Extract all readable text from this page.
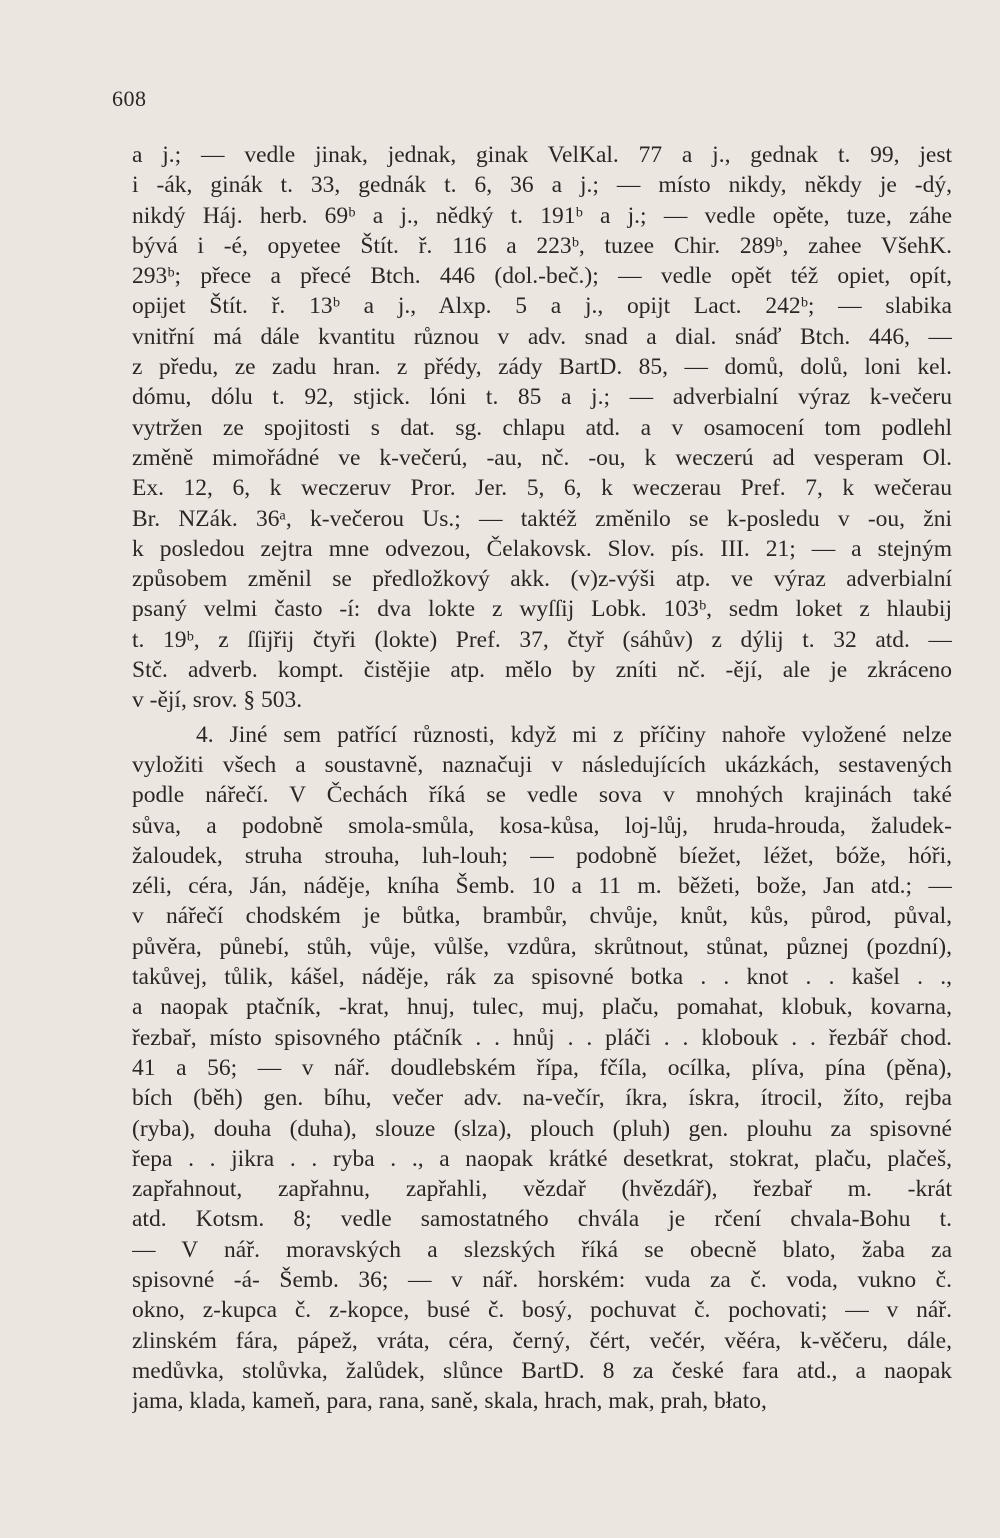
608
a j.; — vedle jinak, jednak, ginak VelKal. 77 a j., gednak t. 99, jest
i -ák, ginák t. 33, gednák t. 6, 36 a j.; — místo nikdy, někdy je -dý,
nikdý Háj. herb. 69ᵇ a j., nědký t. 191ᵇ a j.; — vedle opěte, tuze, záhe
bývá i -é, opyetee Štít. ř. 116 a 223ᵇ, tuzee Chir. 289ᵇ, zahee VšehK.
293ᵇ; přece a přecé Btch. 446 (dol.-beč.); — vedle opět též opiet, opít,
opijet Štít. ř. 13ᵇ a j., Alxp. 5 a j., opijt Lact. 242ᵇ; — slabika
vnitřní má dále kvantitu různou v adv. snad a dial. snáď Btch. 446, —
z předu, ze zadu hran. z přédy, zády BartD. 85, — domů, dolů, loni kel.
dómu, dólu t. 92, stjick. lóni t. 85 a j.; — adverbialní výraz k-večeru
vytržen ze spojitosti s dat. sg. chlapu atd. a v osamocení tom podlehl
změně mimořádné ve k-večerú, -au, nč. -ou, k weczerú ad vesperam Ol.
Ex. 12, 6, k weczeruv Pror. Jer. 5, 6, k weczerau Pref. 7, k wečerau
Br. NZák. 36ᵃ, k-večerou Us.; — taktéž změnilo se k-posledu v -ou, žni
k posledou zejtra mne odvezou, Čelakovsk. Slov. pís. III. 21; — a stejným
způsobem změnil se předložkový akk. (v)z-výši atp. ve výraz adverbialní
psaný velmi často -í: dva lokte z wyſſij Lobk. 103ᵇ, sedm loket z hlaubij
t. 19ᵇ, z ſſijřij čtyři (lokte) Pref. 37, čtyř (sáhův) z dýlij t. 32 atd. —
Stč. adverb. kompt. čistějie atp. mělo by zníti nč. -ějí, ale je zkráceno
v -ějí, srov. § 503.
4. Jiné sem patřící různosti, když mi z příčiny nahoře vyložené nelze
vyložiti všech a soustavně, naznačuji v následujících ukázkách, sestavených
podle nářečí. V Čechách říká se vedle sova v mnohých krajinách také
sůva, a podobně smola-smůla, kosa-kůsa, loj-lůj, hruda-hrouda, žaludek-
žaloudek, struha strouha, luh-louh; — podobně bíežet, léžet, bóže, hóři,
zéli, céra, Ján, náděje, kníha Šemb. 10 a 11 m. běžeti, bože, Jan atd.; —
v nářečí chodském je bůtka, brambůr, chvůje, knůt, kůs, půrod, půval,
půvěra, půnebí, stůh, vůje, vůlše, vzdůra, skrůtnout, stůnat, půznej (pozdní),
takůvej, tůlik, kášel, náděje, rák za spisovné botka . . knot . . kašel . .,
a naopak ptačník, -krat, hnuj, tulec, muj, plaču, pomahat, klobuk, kovarna,
řezbař, místo spisovného ptáčník . . hnůj . . pláči . . klobouk . . řezbář chod.
41 a 56; — v nář. doudlebském řípa, fčíla, ocílka, plíva, pína (pěna),
bích (běh) gen. bíhu, večer adv. na-večír, íkra, ískra, ítrocil, žíto, rejba
(ryba), douha (duha), slouze (slza), plouch (pluh) gen. plouhu za spisovné
řepa . . jikra . . ryba . ., a naopak krátké desetkrat, stokrat, plaču, plačeš,
zapřahnout, zapřahnu, zapřahli, vězdař (hvězdář), řezbař m. -krát
atd. Kotsm. 8; vedle samostatného chvála je rčení chvala-Bohu t.
— V nář. moravských a slezských říká se obecně blato, žaba za
spisovné -á- Šemb. 36; — v nář. horském: vuda za č. voda, vukno č.
okno, z-kupca č. z-kopce, busé č. bosý, pochuvat č. pochovati; — v nář.
zlinském fára, pápež, vráta, céra, černý, čért, večér, věéra, k-věčeru, dále,
medůvka, stolůvka, žalůdek, slůnce BartD. 8 za české fara atd., a naopak
jama, klada, kameň, para, rana, saně, skala, hrach, mak, prah, błato,
